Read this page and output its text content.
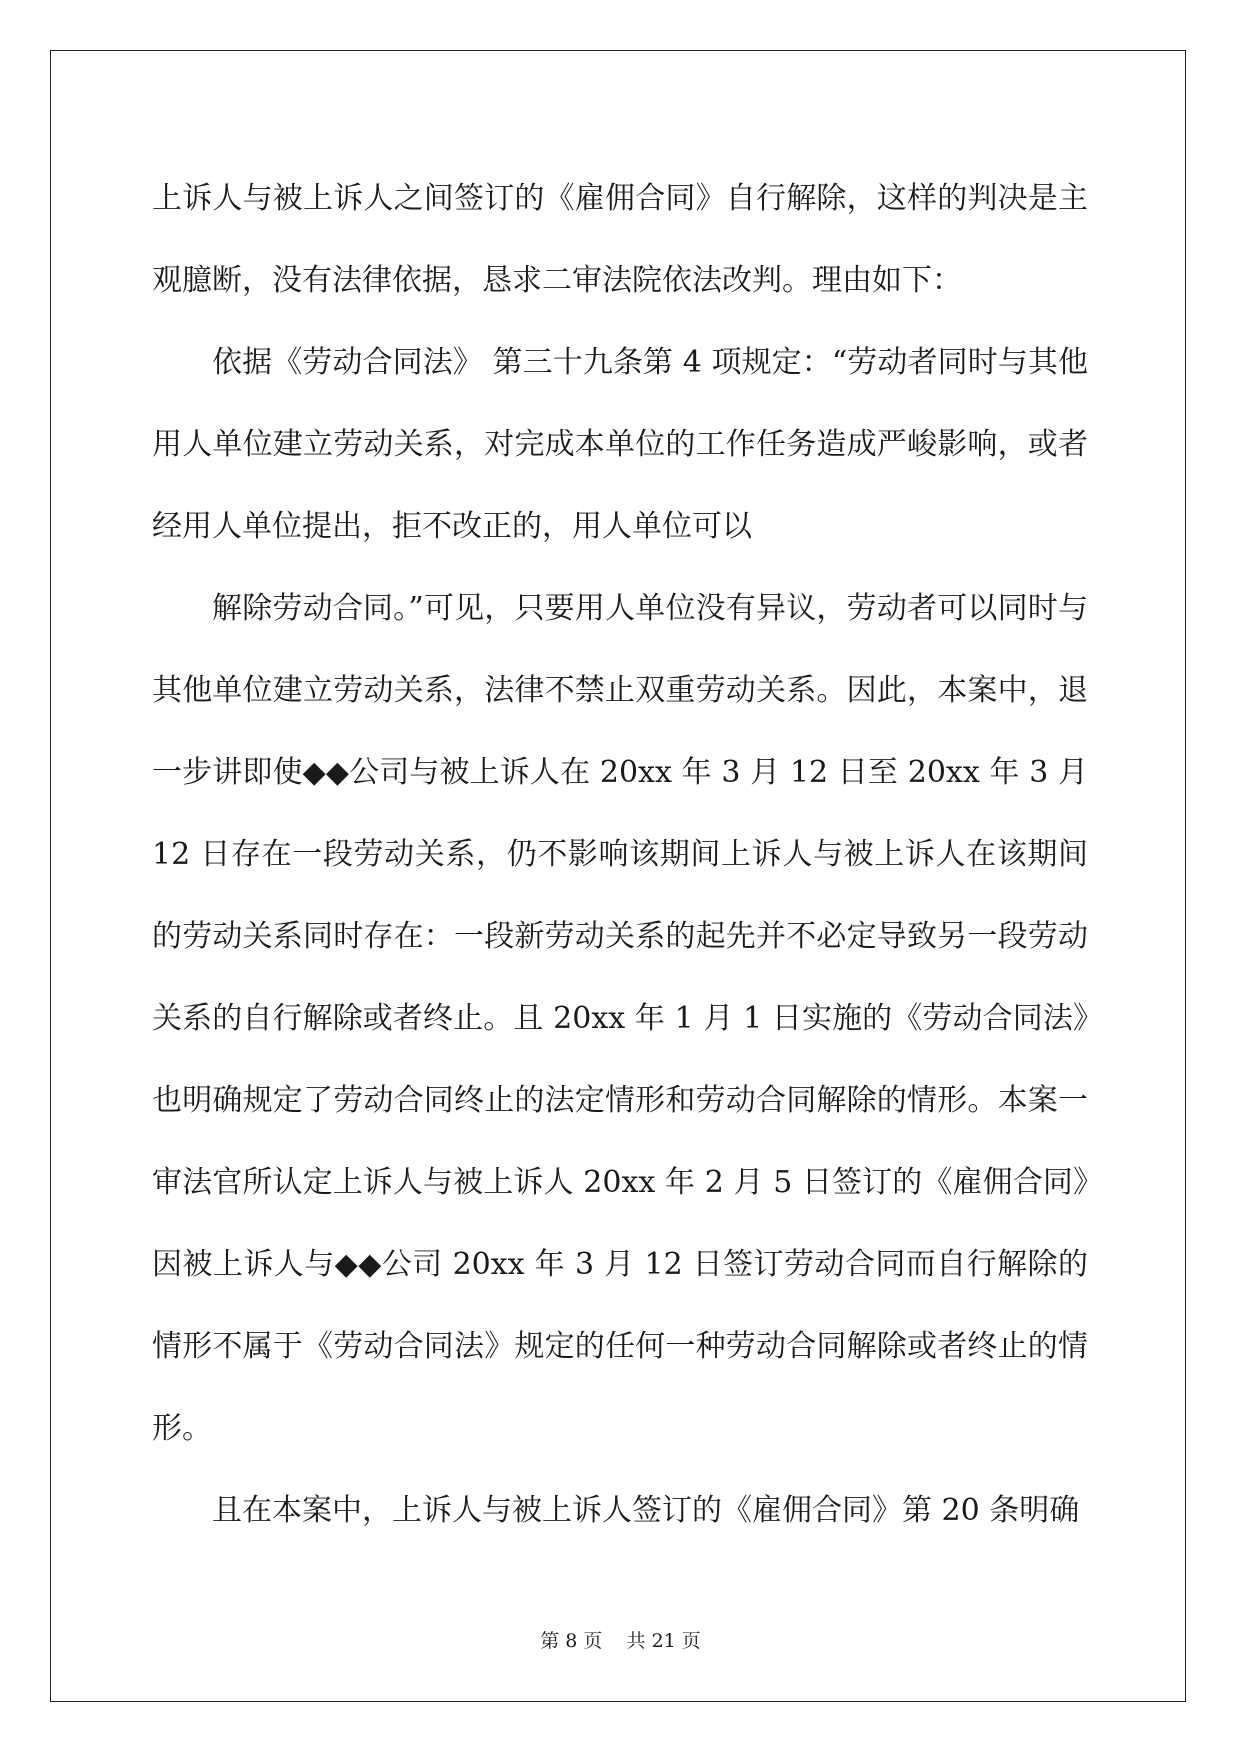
上诉人与被上诉人之间签订的《雇佣合同》自行解除，这样的判决是主观臆断，没有法律依据，恳求二审法院依法改判。理由如下：

依据《劳动合同法》 第三十九条第 4 项规定：“劳动者同时与其他用人单位建立劳动关系，对完成本单位的工作任务造成严峻影响，或者经用人单位提出，拒不改正的，用人单位可以

解除劳动合同。”可见，只要用人单位没有异议，劳动者可以同时与其他单位建立劳动关系，法律不禁止双重劳动关系。因此，本案中，退一步讲即使◆◆公司与被上诉人在 20xx 年 3 月 12 日至 20xx 年 3 月 12 日存在一段劳动关系，仍不影响该期间上诉人与被上诉人在该期间的劳动关系同时存在：一段新劳动关系的起先并不必定导致另一段劳动关系的自行解除或者终止。且 20xx 年 1 月 1 日实施的《劳动合同法》也明确规定了劳动合同终止的法定情形和劳动合同解除的情形。本案一审法官所认定上诉人与被上诉人 20xx 年 2 月 5 日签订的《雇佣合同》因被上诉人与◆◆公司 20xx 年 3 月 12 日签订劳动合同而自行解除的情形不属于《劳动合同法》规定的任何一种劳动合同解除或者终止的情形。

且在本案中，上诉人与被上诉人签订的《雇佣合同》第 20 条明确

第 8 页    共 21 页
